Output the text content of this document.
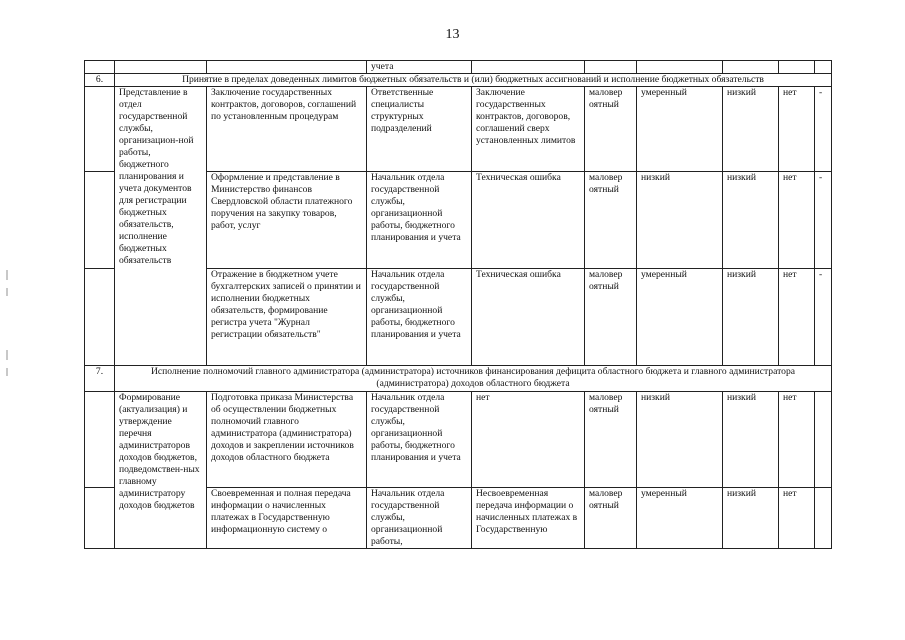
13
			учета						
6.	Принятие в пределах доведенных лимитов бюджетных обязательств и (или) бюджетных ассигнований и исполнение бюджетных обязательств								
	Представление в отдел государственной службы, организацион-ной работы, бюджетного планирования и учета документов для регистрации бюджетных обязательств, исполнение бюджетных обязательств	Заключение государственных контрактов, договоров, соглашений по установленным процедурам	Ответственные специалисты структурных подразделений	Заключение государственных контрактов, договоров, соглашений сверх установленных лимитов	маловер оятный	умеренный	низкий	нет	-
		Оформление и представление в Министерство финансов Свердловской области платежного поручения на закупку товаров, работ, услуг	Начальник отдела государственной службы, организационной работы, бюджетного планирования и учета	Техническая ошибка	маловер оятный	низкий	низкий	нет	-
		Отражение в бюджетном учете бухгалтерских записей о принятии и исполнении бюджетных обязательств, формирование регистра учета "Журнал регистрации обязательств"	Начальник отдела государственной службы, организационной работы, бюджетного планирования и учета	Техническая ошибка	маловер оятный	умеренный	низкий	нет	-
7.	Исполнение полномочий главного администратора (администратора) источников финансирования дефицита областного бюджета и главного администратора (администратора) доходов областного бюджета								
	Формирование (актуализация) и утверждение перечня администраторов доходов бюджетов, подведомствен-ных главному администратору доходов бюджетов	Подготовка приказа Министерства об осуществлении бюджетных полномочий главного администратора (администратора) доходов и закреплении источников доходов областного бюджета	Начальник отдела государственной службы, организационной работы, бюджетного планирования и учета	нет	маловер оятный	низкий	низкий	нет	
		Своевременная и полная передача информации о начисленных платежах в Государственную информационную систему о	Начальник отдела государственной службы, организационной работы,	Несвоевременная передача информации о начисленных платежах в Государственную	маловер оятный	умеренный	низкий	нет	
